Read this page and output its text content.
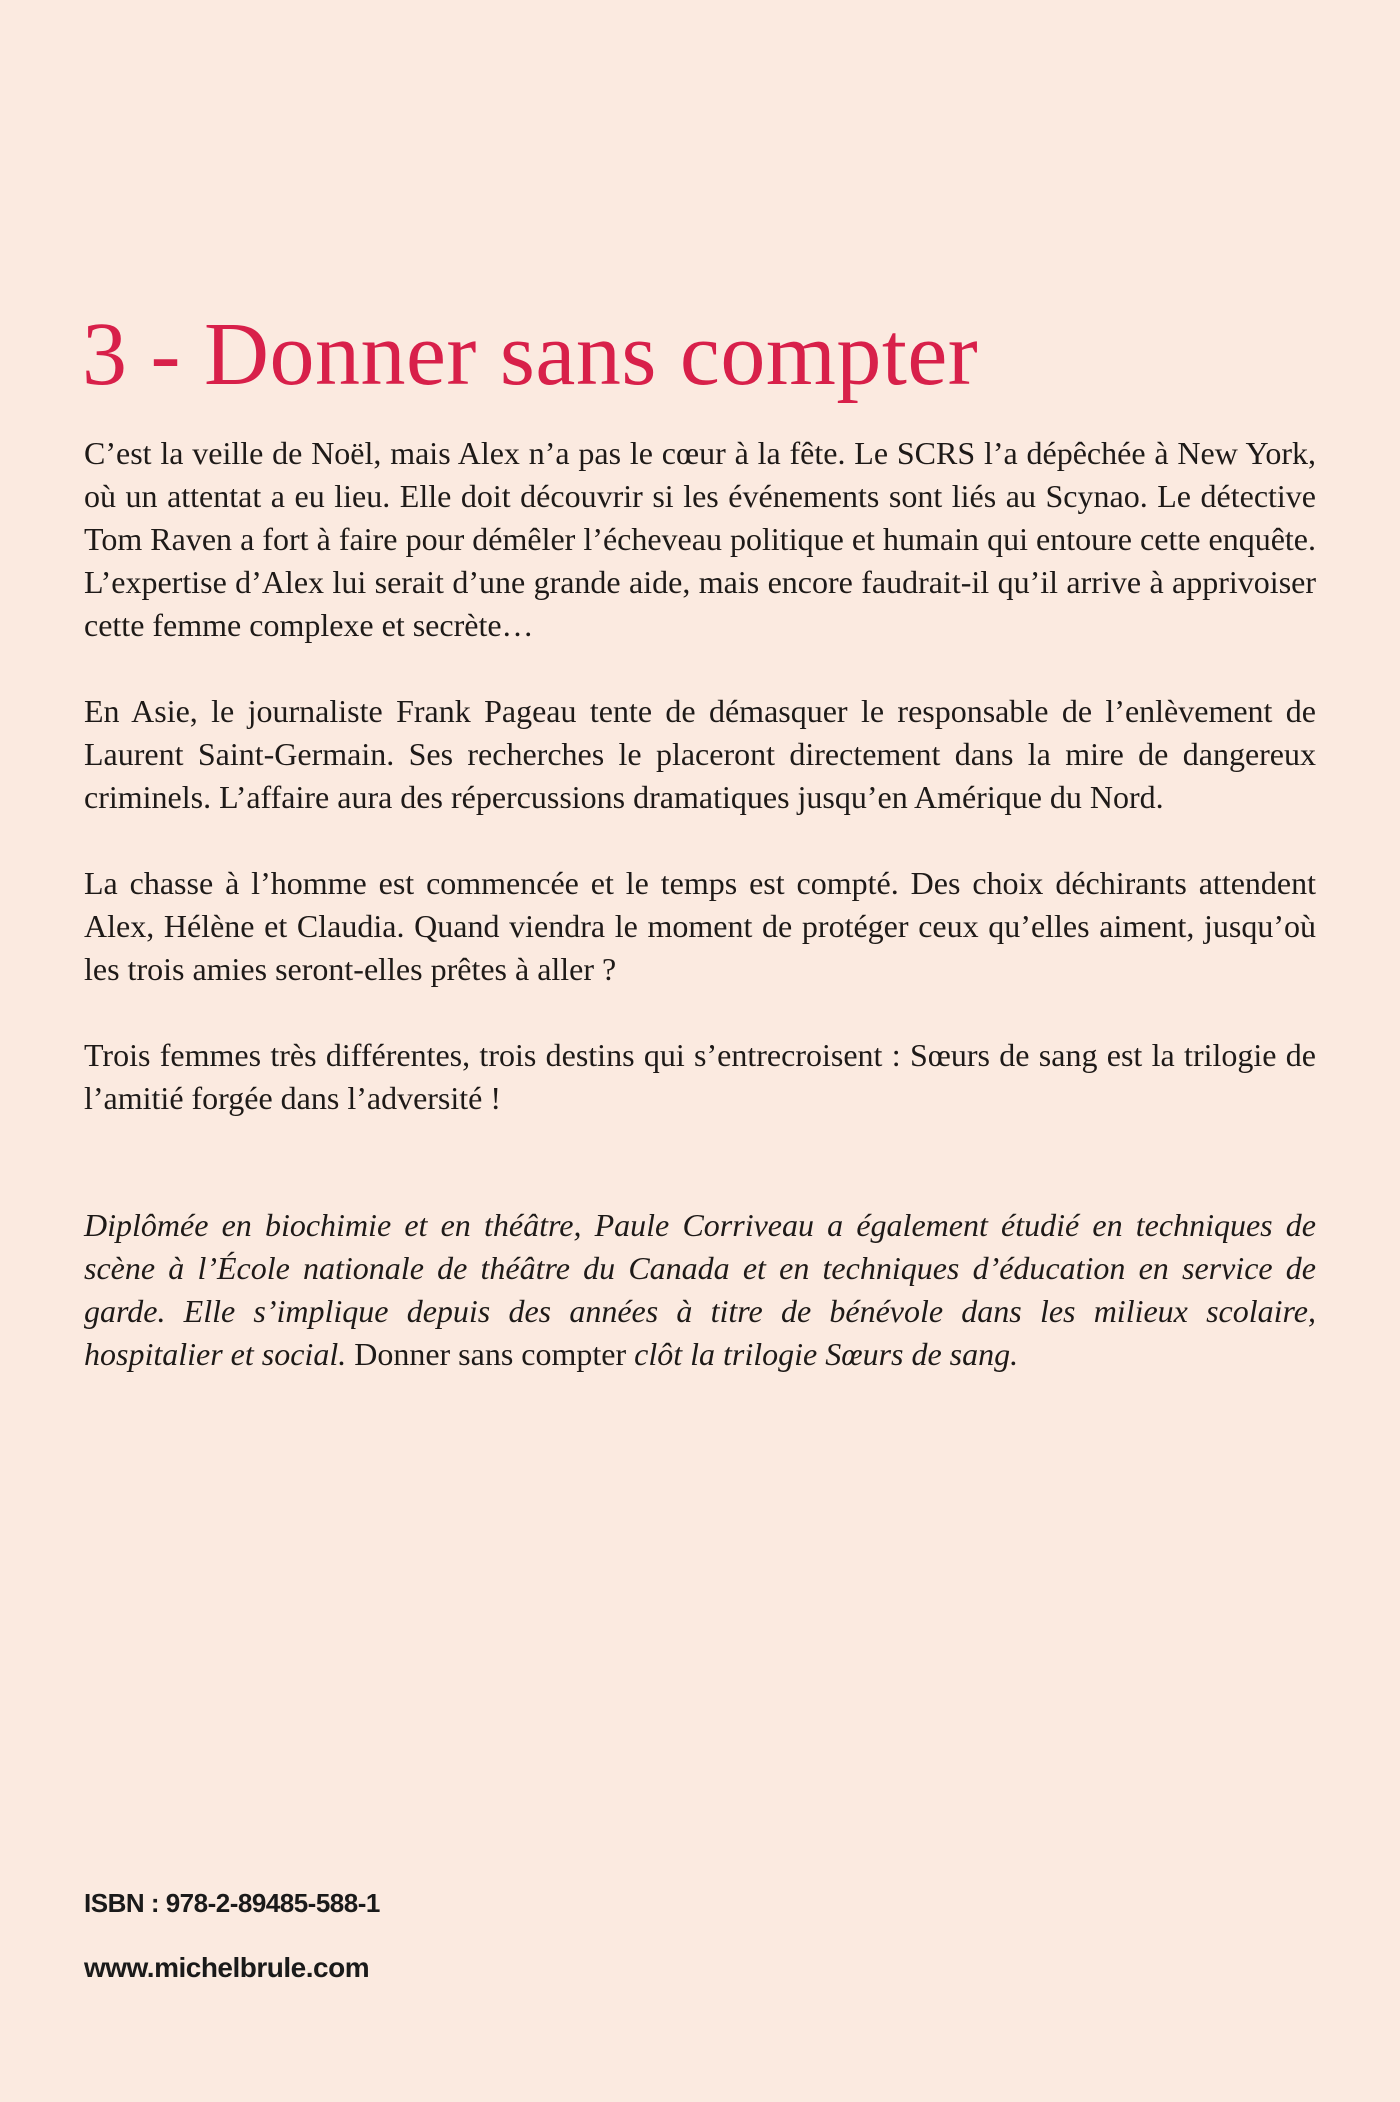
3 - Donner sans compter

C’est la veille de Noël, mais Alex n’a pas le cœur à la fête. Le SCRS l’a dépêchée à New York, où un attentat a eu lieu. Elle doit découvrir si les événements sont liés au Scynao. Le détective Tom Raven a fort à faire pour démêler l’écheveau politique et humain qui entoure cette enquête. L’expertise d’Alex lui serait d’une grande aide, mais encore faudrait-il qu’il arrive à apprivoiser cette femme complexe et secrète…

En Asie, le journaliste Frank Pageau tente de démasquer le responsable de l’enlèvement de Laurent Saint-Germain. Ses recherches le placeront directement dans la mire de dangereux criminels. L’affaire aura des répercussions dramatiques jusqu’en Amérique du Nord.

La chasse à l’homme est commencée et le temps est compté. Des choix déchirants attendent Alex, Hélène et Claudia. Quand viendra le moment de protéger ceux qu’elles aiment, jusqu’où les trois amies seront-elles prêtes à aller ?

Trois femmes très différentes, trois destins qui s’entrecroisent : Sœurs de sang est la trilogie de l’amitié forgée dans l’adversité !

Diplômée en biochimie et en théâtre, Paule Corriveau a également étudié en techniques de scène à l’École nationale de théâtre du Canada et en techniques d’éducation en service de garde. Elle s’implique depuis des années à titre de bénévole dans les milieux scolaire, hospitalier et social. Donner sans compter clôt la trilogie Sœurs de sang.

ISBN : 978-2-89485-588-1

www.michelbrule.com
